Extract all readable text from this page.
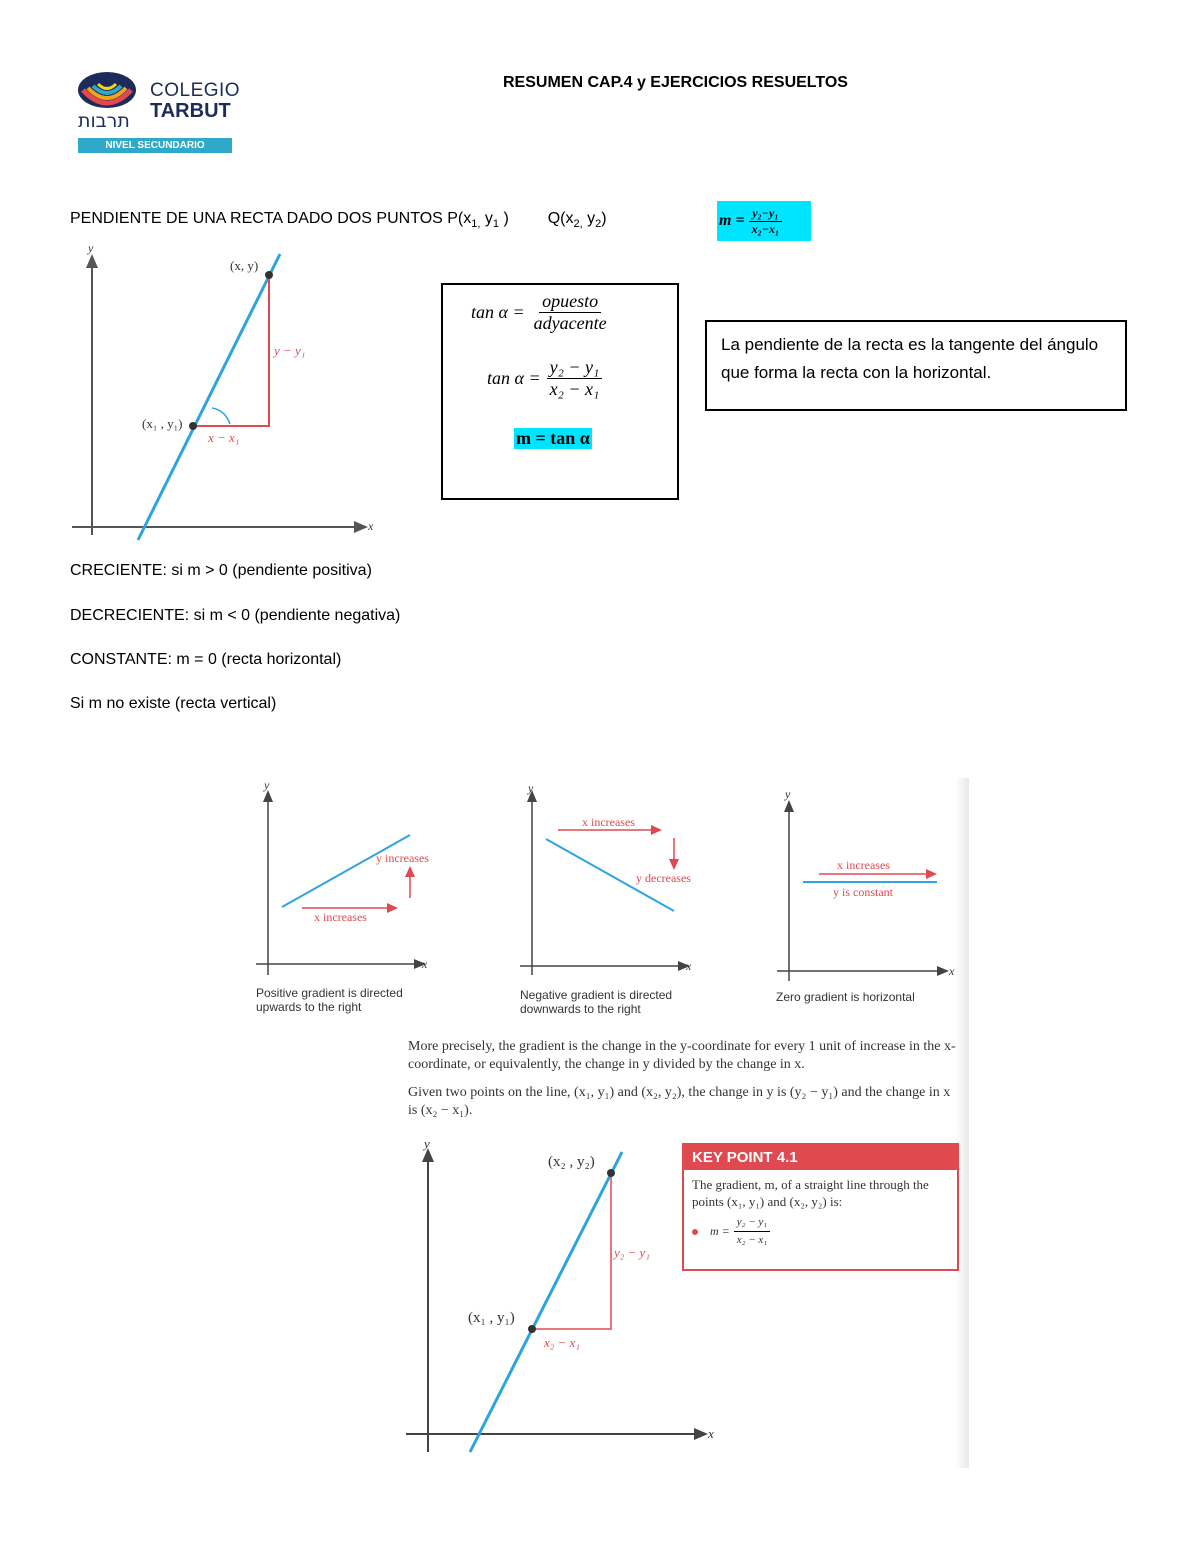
COLEGIO
TARBUT
תרבות
NIVEL SECUNDARIO
RESUMEN CAP.4 y EJERCICIOS RESUELTOS
PENDIENTE DE UNA RECTA DADO DOS PUNTOS $P(x_{1,}$ $y_1$ ) $Q(x_{2,}$ $y_2$)	$m = \frac{\text{y₂−y₁}}{\text{x₂−x₁}}$
y
x
(x, y)
(x₁ , y₁)
y − y₁
x − x₁
$\tan \alpha = \frac{\text{opuesto}}{\text{adyacente}}$
$\tan \alpha = \frac{\text{y₂ − y₁}}{\text{x₂ − x₁}}$
m = tan α
La pendiente de la recta es la tangente del ángulo que forma la recta con la horizontal.
CRECIENTE: si m > 0 (pendiente positiva)
DECRECIENTE: si m < 0 (pendiente negativa)
CONSTANTE: m = 0 (recta horizontal)
Si m no existe (recta vertical)
y
x
y increases
x increases
Positive gradient is directed upwards to the right
y
x
x increases
y decreases
Negative gradient is directed downwards to the right
y
x
x increases
y is constant
Zero gradient is horizontal
More precisely, the gradient is the change in the y-coordinate for every 1 unit of increase in the x-coordinate, or equivalently, the change in y divided by the change in x.
Given two points on the line, (x₁, y₁) and (x₂, y₂), the change in y is (y₂ − y₁) and the change in x is (x₂ − x₁).
y
x
(x₂ , y₂)
(x₁ , y₁)
y₂ − y₁
x₂ − x₁
KEY POINT 4.1
The gradient, m, of a straight line through the points (x₁, y₁) and (x₂, y₂) is:
$m = \frac{\text{y₂ − y₁}}{\text{x₂ − x₁}}$
